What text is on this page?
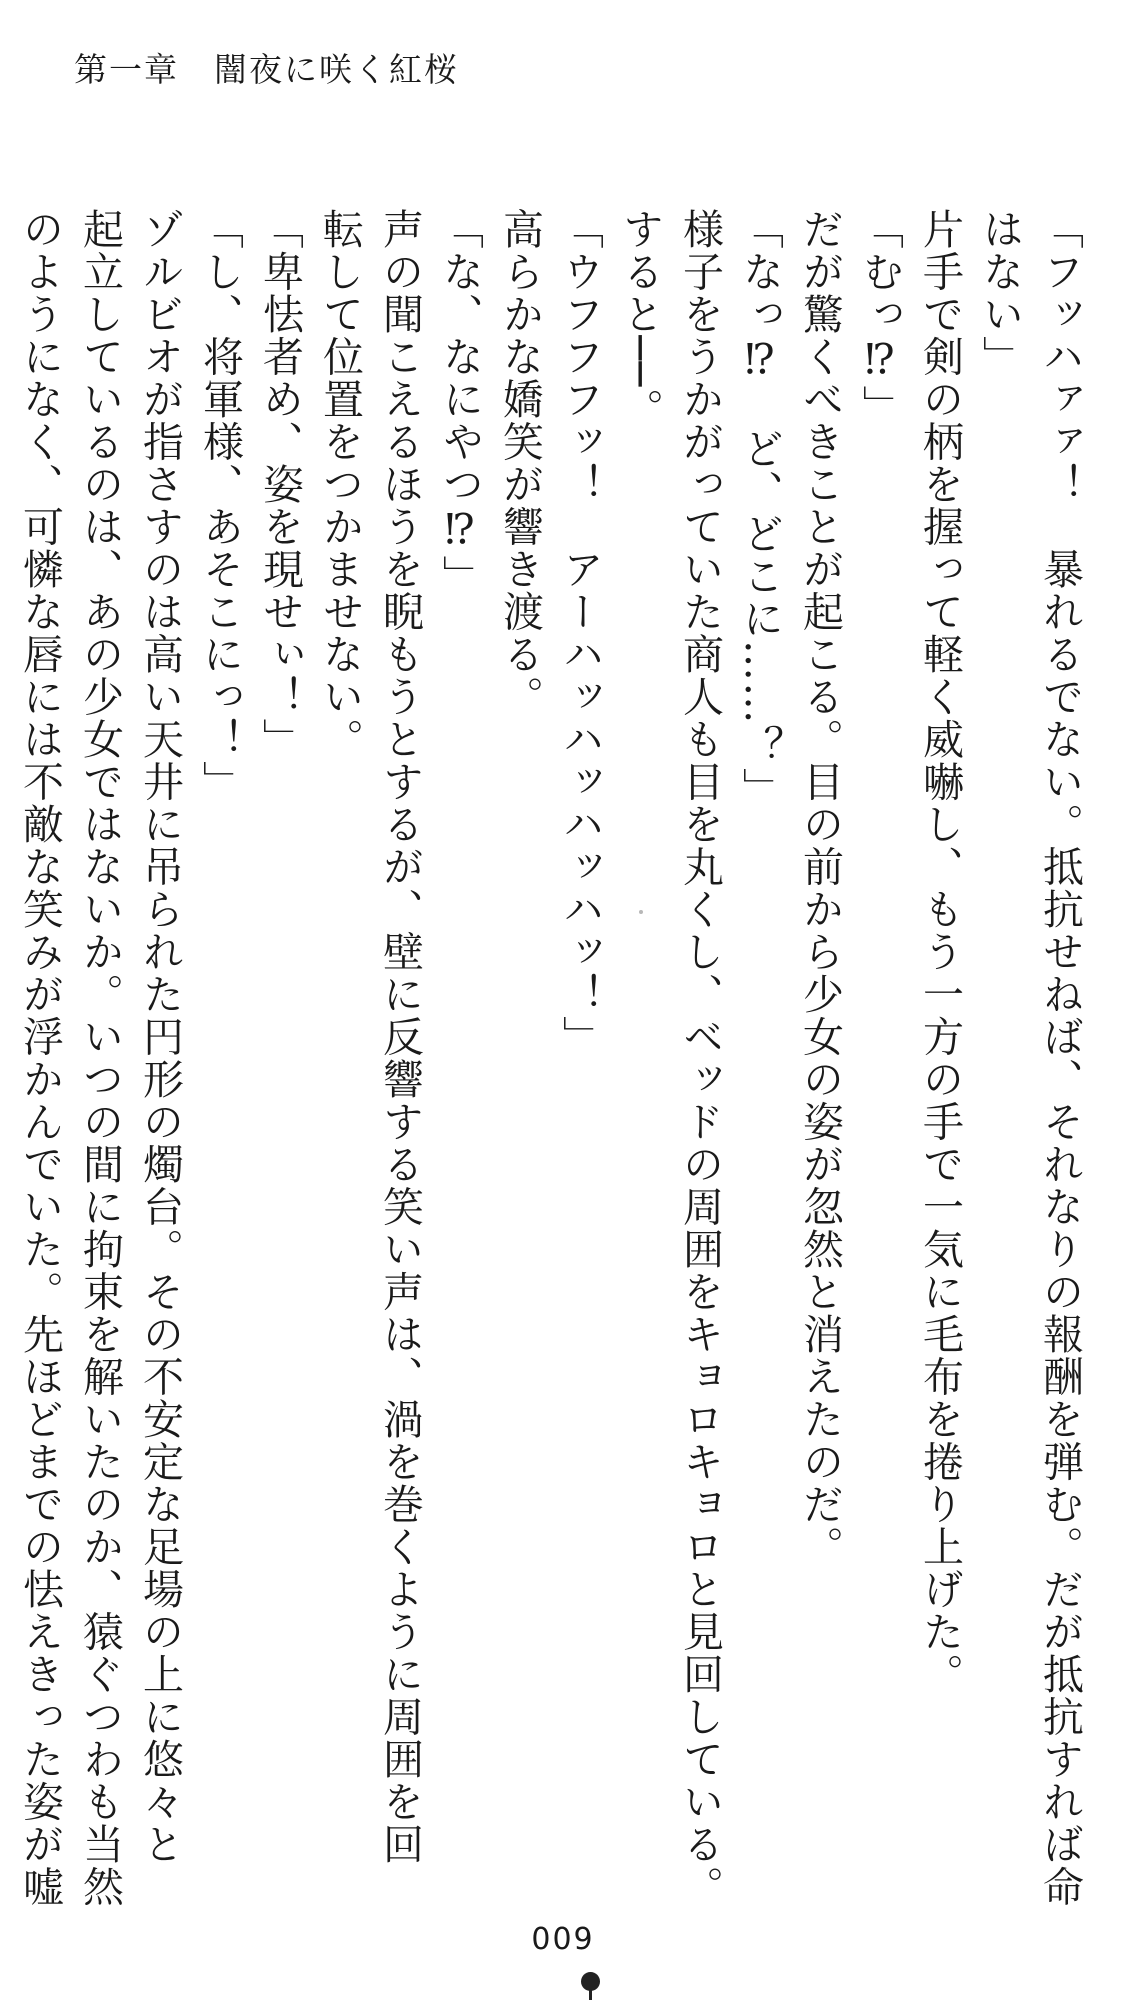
第一章　闇夜に咲く紅桜

「フッハァァ！　暴れるでない。抵抗せねば、それなりの報酬を弾む。だが抵抗すれば命

はない」

片手で剣の柄を握って軽く威嚇し、もう一方の手で一気に毛布を捲り上げた。

「むっ⁉」

だが驚くべきことが起こる。目の前から少女の姿が忽然と消えたのだ。

「なっ⁉　ど、どこに……？」

様子をうかがっていた商人も目を丸くし、ベッドの周囲をキョロキョロと見回している。

すると──。

「ウフフフッ！　アーハッハッハッハッ！」

高らかな嬌笑が響き渡る。

「な、なにやつ⁉」

声の聞こえるほうを睨もうとするが、壁に反響する笑い声は、渦を巻くように周囲を回

転して位置をつかませない。

「卑怯者め、姿を現せぃ！」

「し、将軍様、あそこにっ！」

ゾルビオが指さすのは高い天井に吊られた円形の燭台。その不安定な足場の上に悠々と

起立しているのは、あの少女ではないか。いつの間に拘束を解いたのか、猿ぐつわも当然

のようになく、可憐な唇には不敵な笑みが浮かんでいた。先ほどまでの怯えきった姿が嘘

009
